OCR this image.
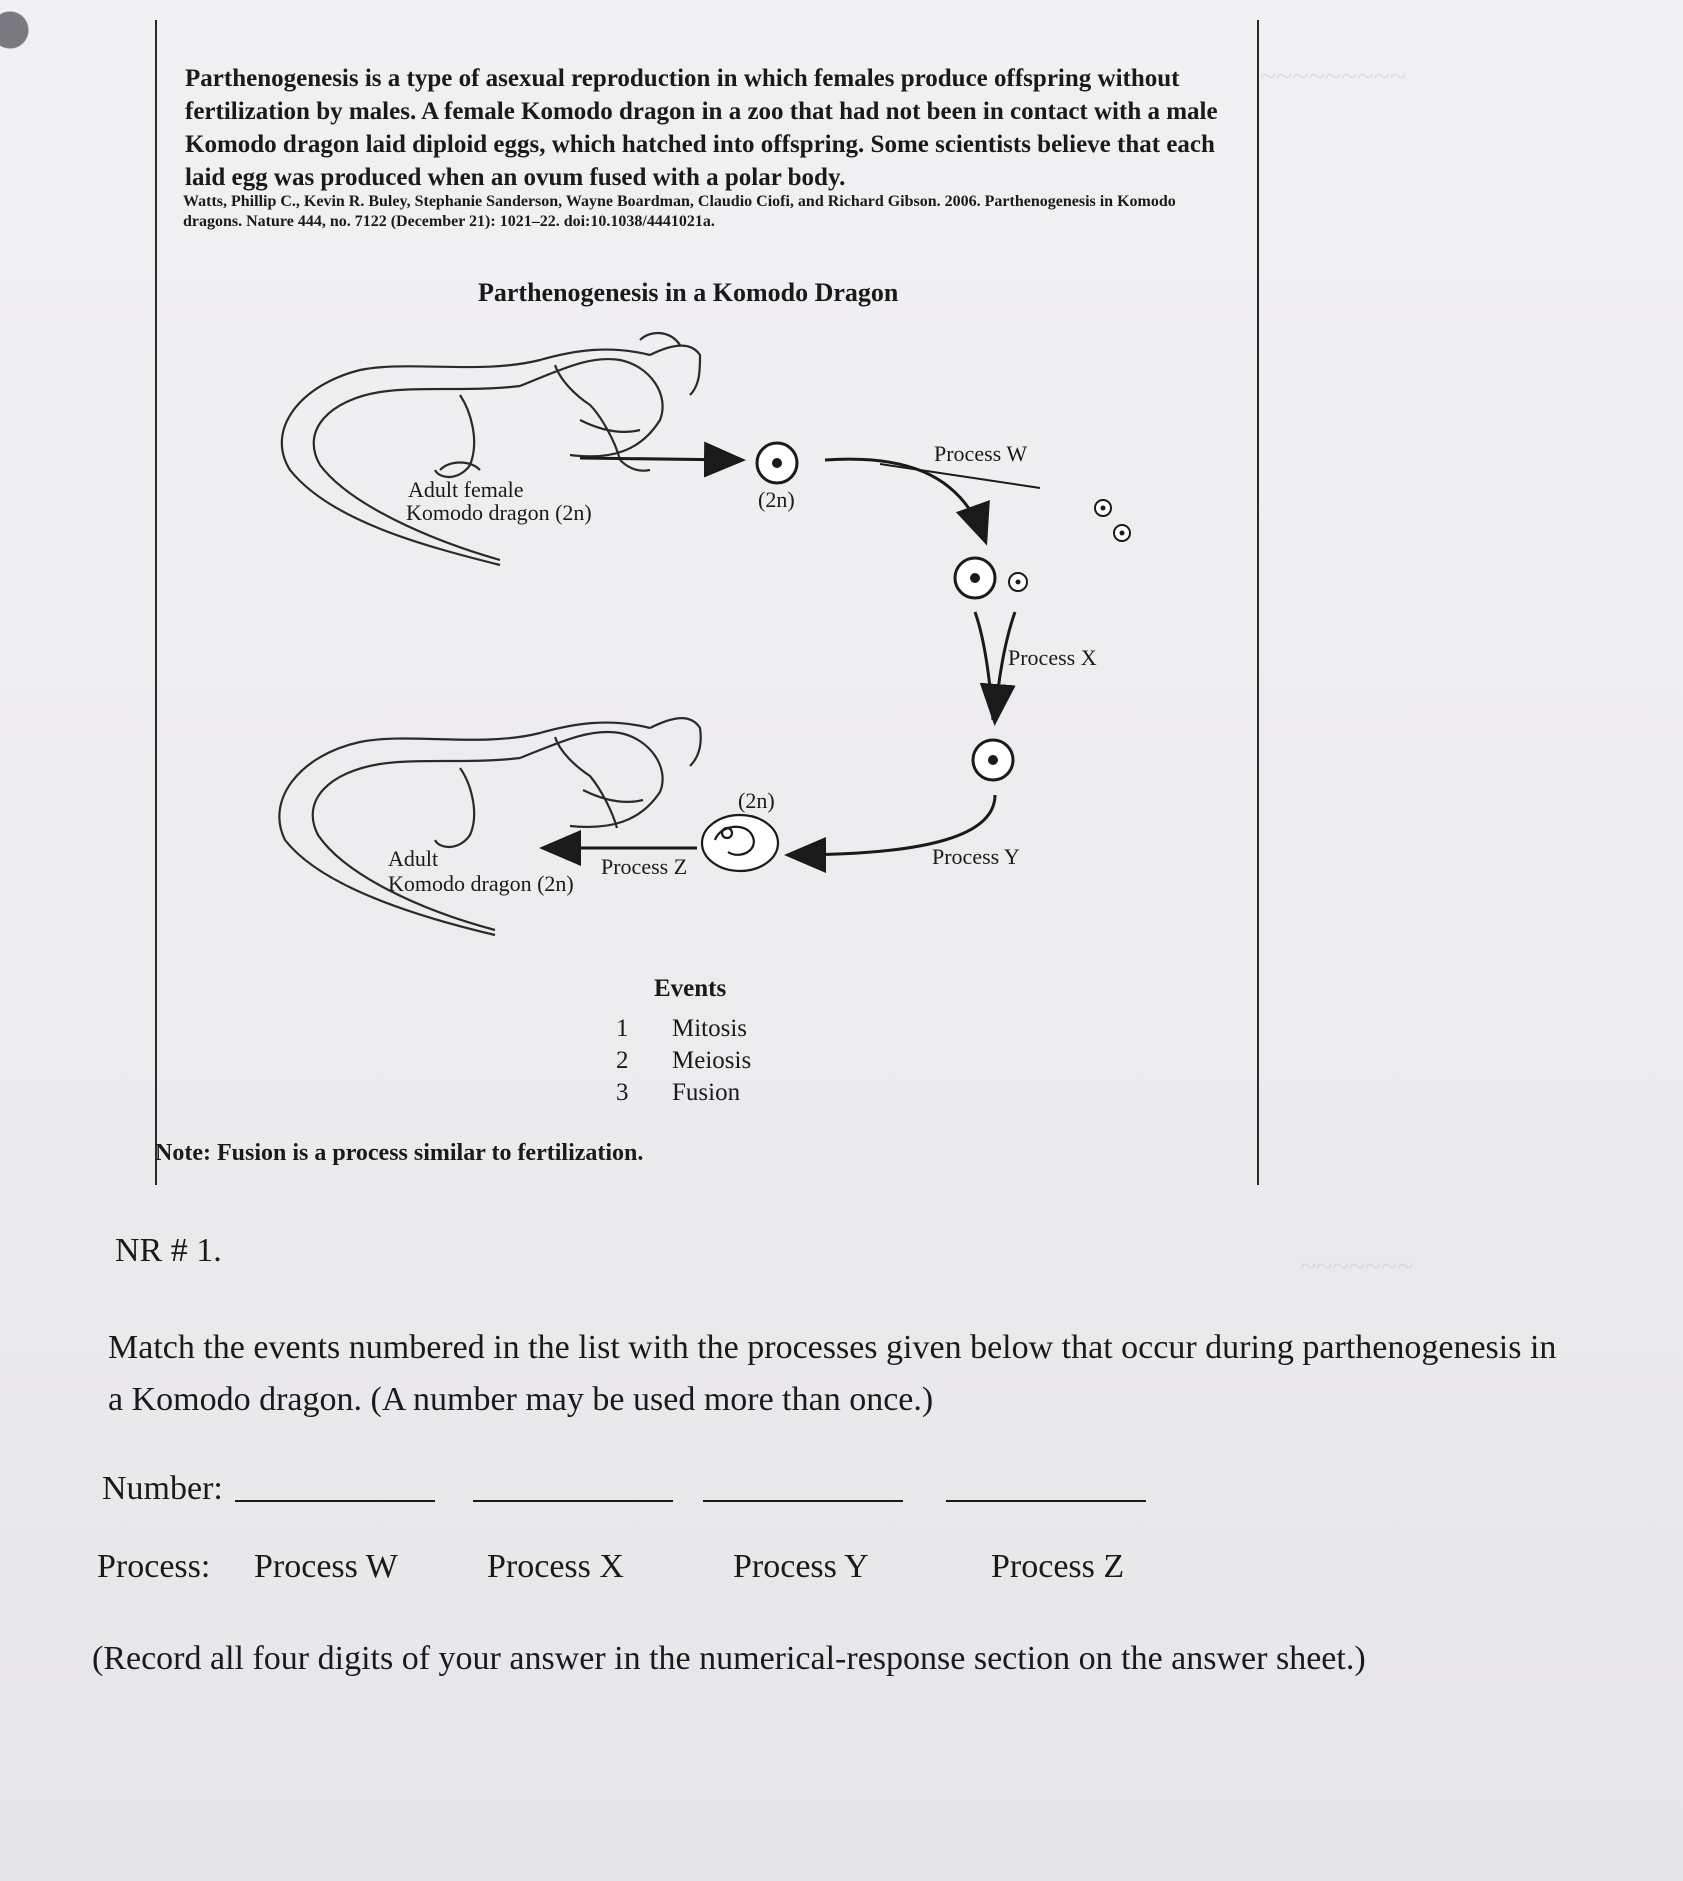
~~~~~~~~~
~~~~~~~
Parthenogenesis is a type of asexual reproduction in which females produce offspring without fertilization by males. A female Komodo dragon in a zoo that had not been in contact with a male Komodo dragon laid diploid eggs, which hatched into offspring. Some scientists believe that each laid egg was produced when an ovum fused with a polar body.
Watts, Phillip C., Kevin R. Buley, Stephanie Sanderson, Wayne Boardman, Claudio Ciofi, and Richard Gibson. 2006. Parthenogenesis in Komodo dragons. Nature 444, no. 7122 (December 21): 1021–22. doi:10.1038/4441021a.
Parthenogenesis in a Komodo Dragon
Adult female
Komodo dragon (2n)
(2n)
Process W
Process X
Process Y
(2n)
Process Z
Adult
Komodo dragon (2n)
Events
1	Mitosis
2	Meiosis
3	Fusion
Note: Fusion is a process similar to fertilization.
NR # 1.
Match the events numbered in the list with the processes given below that occur during parthenogenesis in a Komodo dragon. (A number may be used more than once.)
Number:
Process: Process W	Process X	Process Y	Process Z
(Record all four digits of your answer in the numerical-response section on the answer sheet.)
